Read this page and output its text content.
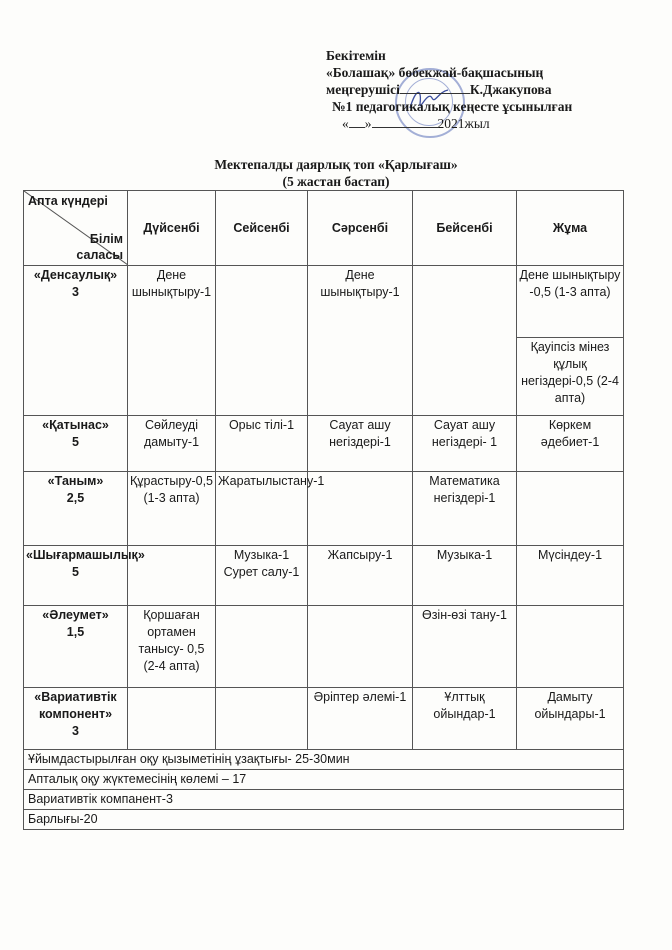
Бекітемін
«Болашақ» бөбекжай-бақшасының
меңгерушісі	К.Джакупова
№1 педагогикалық кеңесте ұсынылған
« »	2021жыл
Мектепалды даярлық топ «Қарлығаш»
(5 жастан бастап)
Апта күндері
Білім
саласы	Дүйсенбі	Сейсенбі	Сәрсенбі	Бейсенбі	Жұма
«Денсаулық»
3	Дене шынықтыру-1		Дене шынықтыру-1		Дене шынықтыру -0,5 (1-3 апта)
					Қауіпсіз мінез құлық негіздері-0,5 (2-4 апта)
«Қатынас»
5	Сөйлеуді дамыту-1	Орыс тілі-1	Сауат ашу негіздері-1	Сауат ашу негіздері- 1	Көркем әдебиет-1
«Таным»
2,5	Құрастыру-0,5 (1-3 апта)	Жаратылыстану-1		Математика негіздері-1	
«Шығармашылық»
5		Музыка-1 Сурет салу-1	Жапсыру-1	Музыка-1	Мүсіндеу-1
«Әлеумет»
1,5	Қоршаған ортамен танысу- 0,5 (2-4 апта)			Өзін-өзі тану-1	
«Вариативтік компонент»
3			Әріптер әлемі-1	Ұлттық ойындар-1	Дамыту ойындары-1
Ұйымдастырылған оқу қызыметінің ұзақтығы- 25-30мин					
Апталық оқу жүктемесінің көлемі – 17					
Вариативтік компанент-3					
Барлығы-20					
